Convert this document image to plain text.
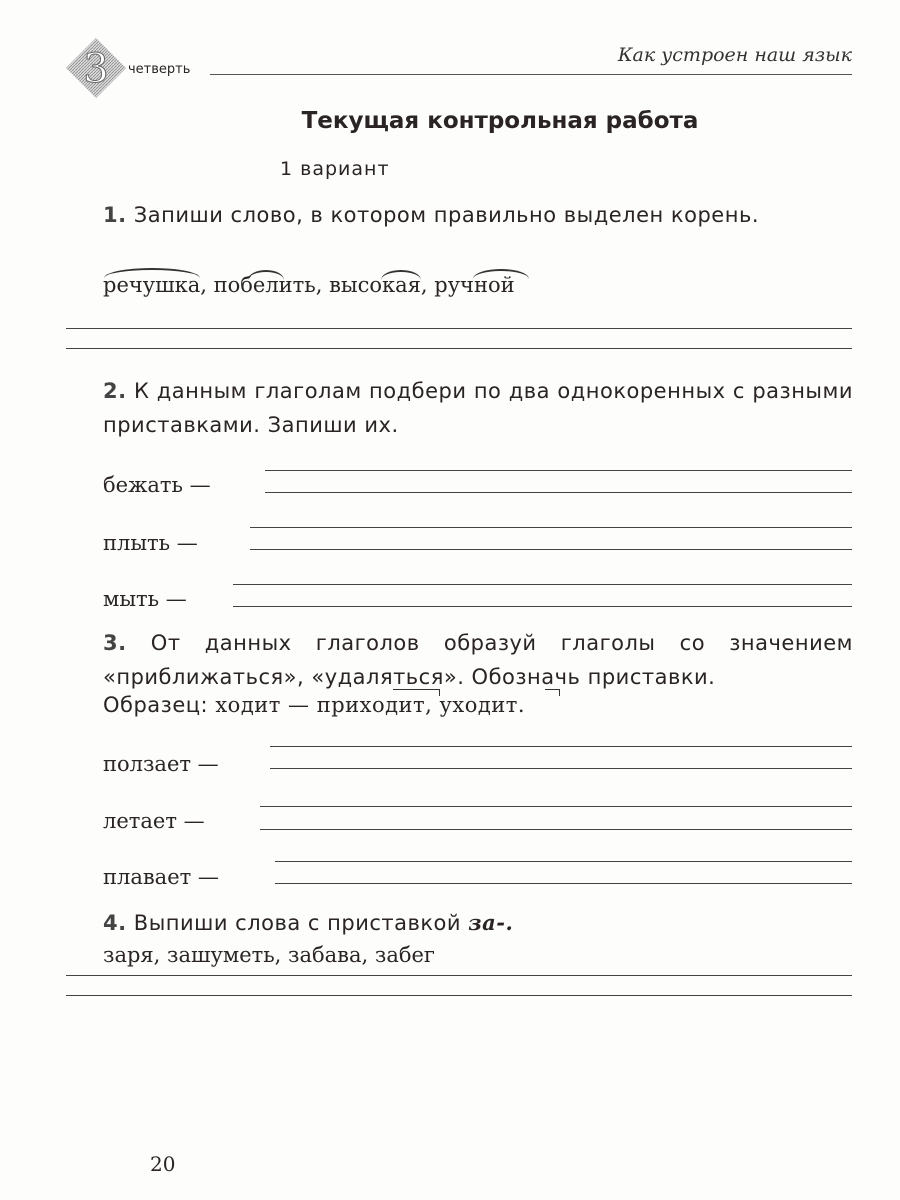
3 четверть
Как устроен наш язык
Текущая контрольная работа
1 вариант
1. Запиши слово, в котором правильно выделен корень.
речушка, побелить, высокая, ручной
2. К данным глаголам подбери по два однокоренных с разными приставками. Запиши их.
бежать —
плыть —
мыть —
3. От данных глаголов образуй глаголы со значением «приближаться», «удаляться». Обозначь приставки.
Образец: ходит — приходит, уходит.
ползает —
летает —
плавает —
4. Выпиши слова с приставкой за-.
заря, зашуметь, забава, забег
20
